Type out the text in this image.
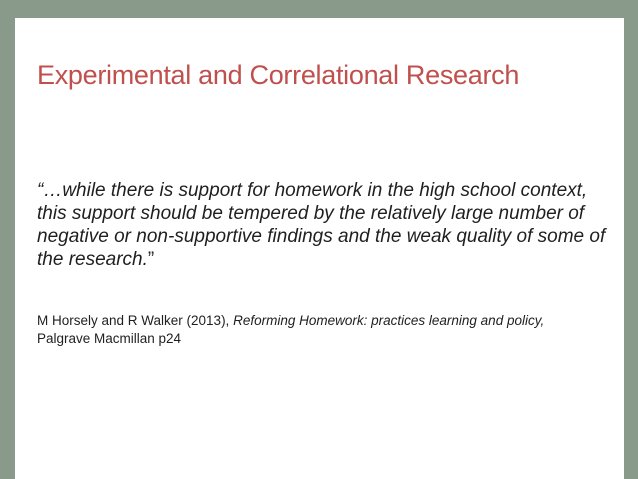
Experimental and Correlational Research
“…while there is support for homework in the high school context, this support should be tempered by the relatively large number of negative or non-supportive findings and the weak quality of some of the research.”
M Horsely and R Walker (2013), Reforming Homework: practices learning and policy,
Palgrave Macmillan p24
